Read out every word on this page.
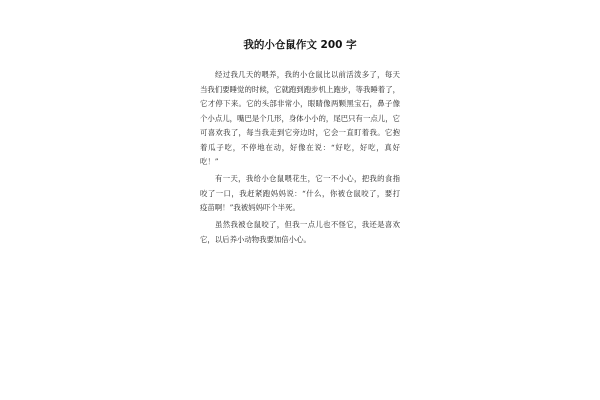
我的小仓鼠作文 200 字
经过我几天的喂养，我的小仓鼠比以前活泼多了，每天
当我们要睡觉的时候，它就跑到跑步机上跑步，等我睡着了，
它才停下来。它的头部非常小，眼睛像两颗黑宝石，鼻子像
个小点儿，嘴巴是个几形，身体小小的，尾巴只有一点儿，它
可喜欢我了，每当我走到它旁边时，它会一直盯着我。它抱
着瓜子吃，不停地在动，好像在说：“好吃，好吃，真好
吃！”
有一天，我给小仓鼠喂花生，它一不小心，把我的食指
咬了一口，我赶紧跑妈妈说：“什么，你被仓鼠咬了，要打
疫苗啊！”我被妈妈吓个半死。
虽然我被仓鼠咬了，但我一点儿也不怪它，我还是喜欢
它，以后养小动物我要加倍小心。
